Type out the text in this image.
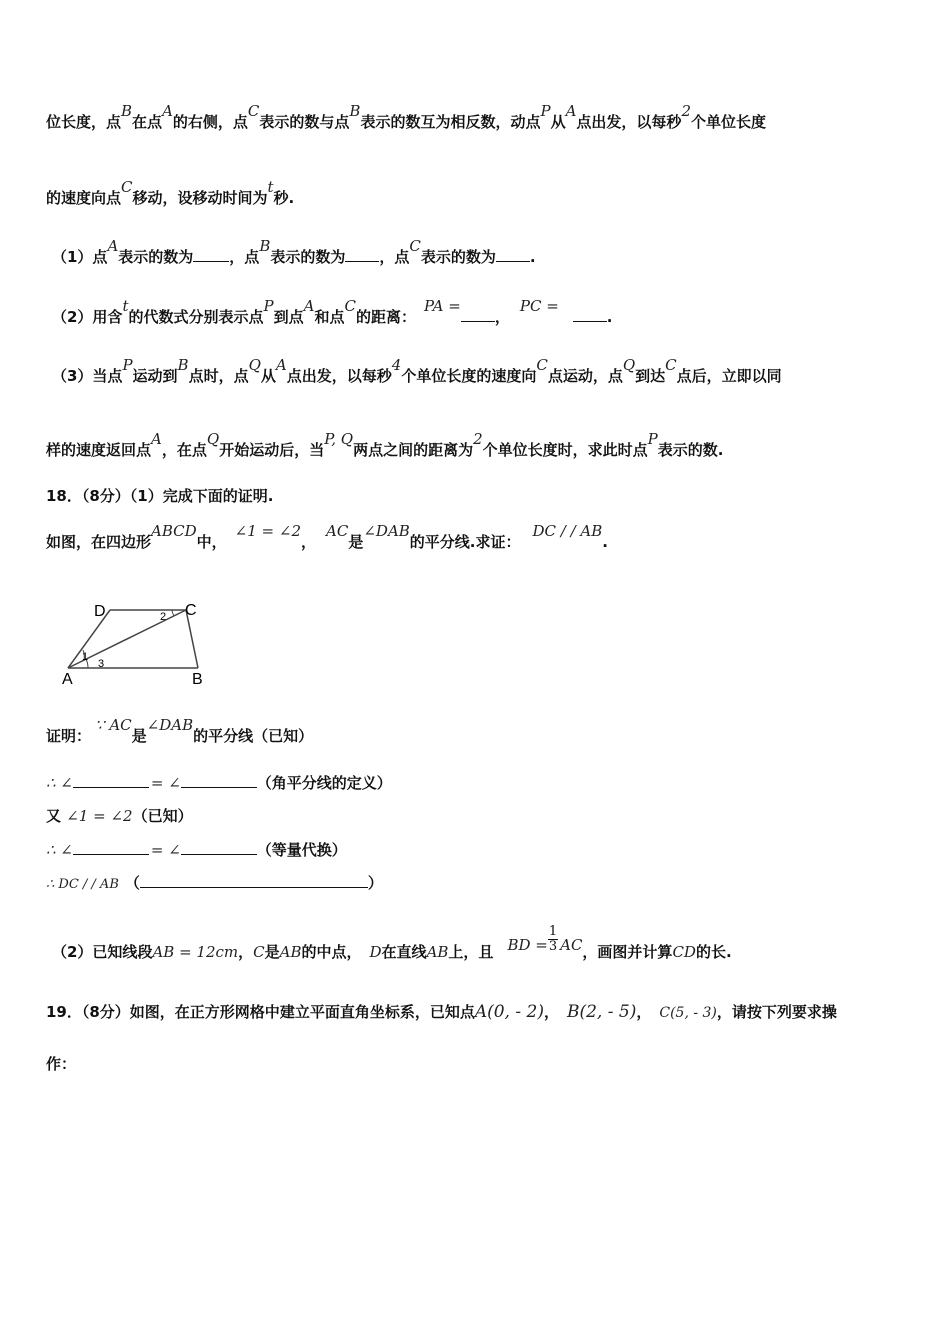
位长度，点B在点A的右侧，点C表示的数与点B表示的数互为相反数，动点P从A点出发，以每秒2个单位长度
的速度向点C移动，设移动时间为t秒.
（1）点A表示的数为 ，点B表示的数为 ，点C表示的数为 .
（2）用含t的代数式分别表示点P到点A和点C的距离：PA =，PC =.
（3）当点P运动到B点时，点Q从A点出发，以每秒4个单位长度的速度向C点运动，点Q到达C点后，立即以同
样的速度返回点A，在点Q开始运动后，当P, Q两点之间的距离为2个单位长度时，求此时点P表示的数.
18．（8分）（1）完成下面的证明.
如图，在四边形ABCD中，∠1 = ∠2，AC是∠DAB的平分线.求证：DC / / AB.
D	C
A	B
1
2
3
证明：∵ AC是∠DAB的平分线（已知）
∴ ∠	= ∠	（角平分线的定义）
又 ∠1 = ∠2（已知）
∴ ∠	= ∠	（等量代换）
∴ DC / / AB （	）
（2）已知线段AB = 12cm，C是AB的中点， D在直线AB上，且 BD = $\frac{1}{3}$ AC，画图并计算CD的长.
19．（8分）如图，在正方形网格中建立平面直角坐标系，已知点A(0, - 2)， B(2, - 5)， C(5, - 3)，请按下列要求操
作：
